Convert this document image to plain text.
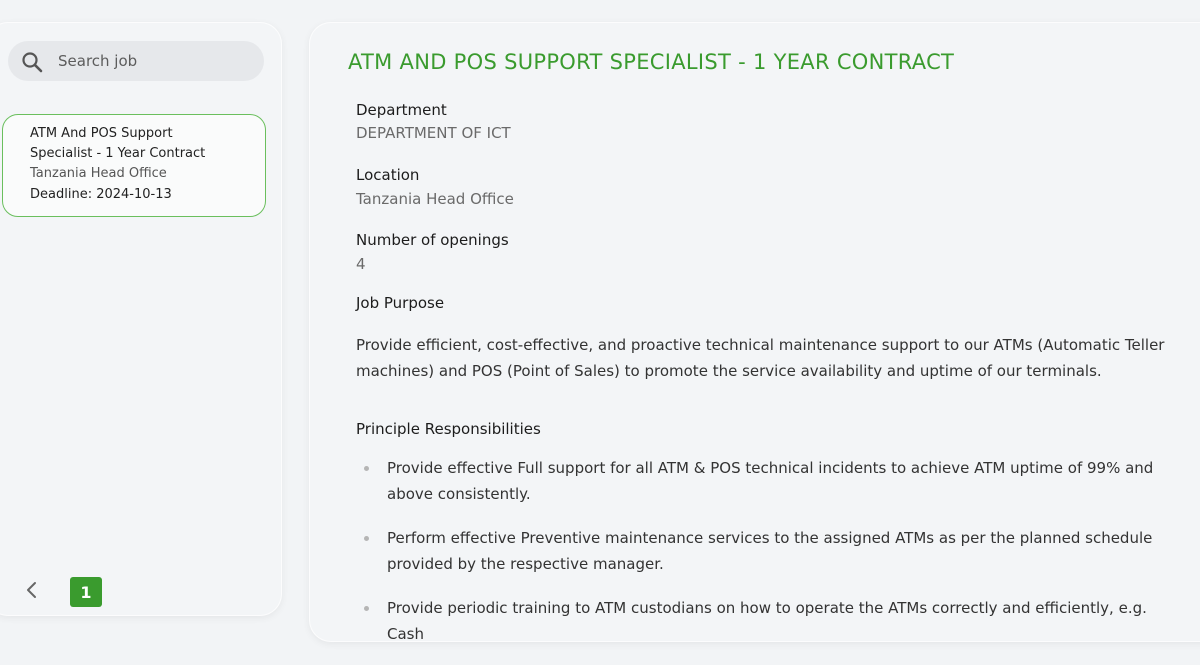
Search job
ATM And POS Support
Specialist - 1 Year Contract
Tanzania Head Office
Deadline: 2024-10-13
1
ATM AND POS SUPPORT SPECIALIST - 1 YEAR CONTRACT
Department
DEPARTMENT OF ICT
Location
Tanzania Head Office
Number of openings
4
Job Purpose
Provide efficient, cost-effective, and proactive technical maintenance support to our ATMs (Automatic Teller machines) and POS (Point of Sales) to promote the service availability and uptime of our terminals.
Principle Responsibilities
Provide effective Full support for all ATM & POS technical incidents to achieve ATM uptime of 99% and above consistently.
Perform effective Preventive maintenance services to the assigned ATMs as per the planned schedule provided by the respective manager.
Provide periodic training to ATM custodians on how to operate the ATMs correctly and efficiently, e.g. Cash
